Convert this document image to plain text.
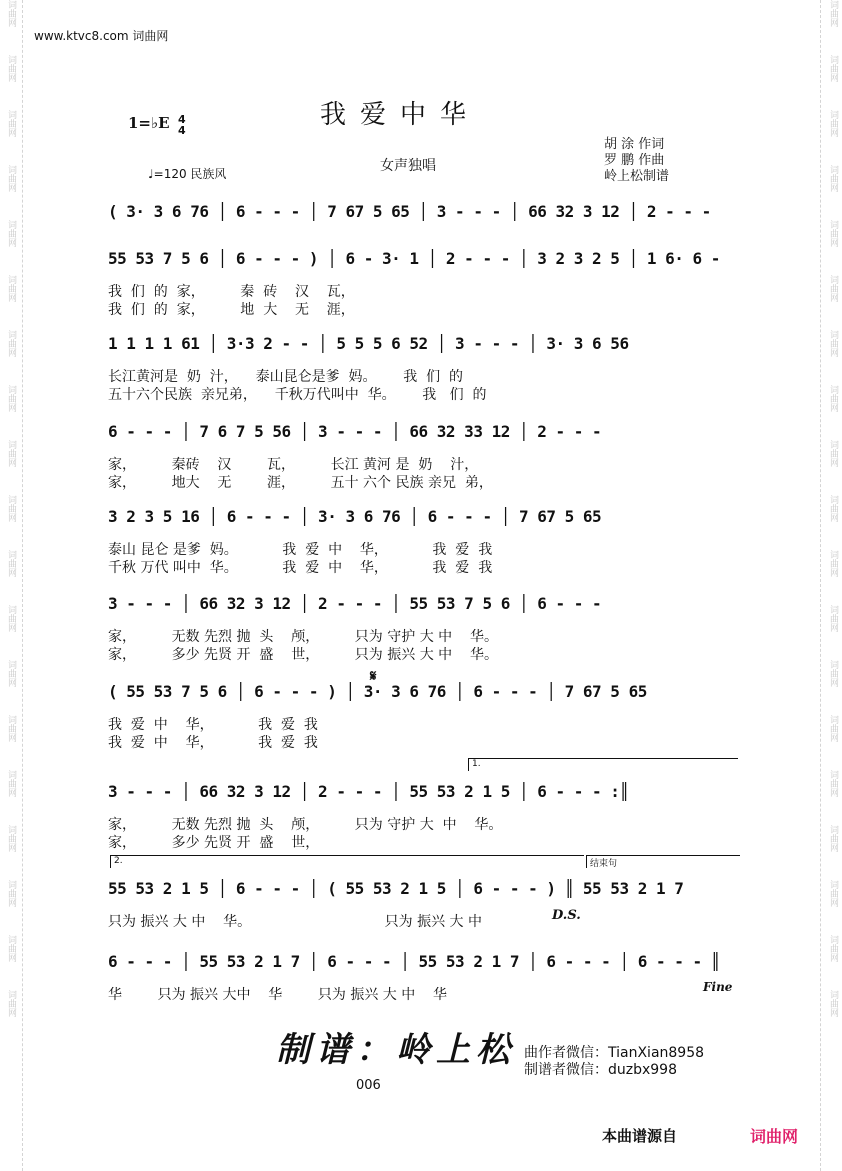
词
曲
网
词
曲
网
词
曲
网
词
曲
网
词
曲
网
词
曲
网
词
曲
网
词
曲
网
词
曲
网
词
曲
网
词
曲
网
词
曲
网
词
曲
网
词
曲
网
词
曲
网
词
曲
网
词
曲
网
词
曲
网
词
曲
网
词
曲
网
词
曲
网
词
曲
网
词
曲
网
词
曲
网
词
曲
网
词
曲
网
词
曲
网
词
曲
网
词
曲
网
词
曲
网
词
曲
网
词
曲
网
词
曲
网
词
曲
网
词
曲
网
词
曲
网
词
曲
网
词
曲
网
www.ktvc8.com 词曲网
我爱中华
1=♭E 4
4
♩=120 民族风	女声独唱
胡 涂 作词
罗 鹏 作曲
岭上松制谱
( 3· 3 6 76 │ 6 - - - │ 7 67 5 65 │ 3 - - - │ 66 32 3 12 │ 2 - - -
55 53 7 5 6 │ 6 - - - ) │ 6 - 3· 1 │ 2 - - - │ 3 2 3 2 5 │ 1 6· 6 -
我  们  的  家，        秦  砖    汉    瓦，
我  们  的  家，        地  大    无    涯，
1 1 1 1 61 │ 3·3 2 - - │ 5 5 5 6 52 │ 3 - - - │ 3· 3 6 56
长江黄河是  奶  汁，    泰山昆仑是爹  妈。      我  们  的
五十六个民族  亲兄弟，    千秋万代叫中  华。      我   们  的
6 - - - │ 7 6 7 5 56 │ 3 - - - │ 66 32 33 12 │ 2 - - -
家，        秦砖    汉        瓦，        长江 黄河 是  奶    汁，
家，        地大    无        涯，        五十 六个 民族 亲兄  弟，
3 2 3 5 16 │ 6 - - - │ 3· 3 6 76 │ 6 - - - │ 7 67 5 65
泰山 昆仑 是爹  妈。          我  爱  中    华，          我  爱  我
千秋 万代 叫中  华。          我  爱  中    华，          我  爱  我
3 - - - │ 66 32 3 12 │ 2 - - - │ 55 53 7 5 6 │ 6 - - -
家，        无数 先烈 抛  头    颅，        只为 守护 大 中    华。
家，        多少 先贤 开  盛    世，        只为 振兴 大 中    华。
( 55 53 7 5 6 │ 6 - - - ) │ 3· 3 6 76 │ 6 - - - │ 7 67 5 65
我  爱  中    华，          我  爱  我
我  爱  中    华，          我  爱  我
3 - - - │ 66 32 3 12 │ 2 - - - │ 55 53 2 1 5 │ 6 - - - :║
家，        无数 先烈 抛  头    颅，        只为 守护 大  中    华。
家，        多少 先贤 开  盛    世，
1.
55 53 2 1 5 │ 6 - - - │ ( 55 53 2 1 5 │ 6 - - - ) ║ 55 53 2 1 7
只为 振兴 大 中    华。                              只为 振兴 大 中
2.	结束句
6 - - - │ 55 53 2 1 7 │ 6 - - - │ 55 53 2 1 7 │ 6 - - - │ 6 - - - ║
华        只为 振兴 大中    华        只为 振兴 大 中    华
𝄋
D.S.
Fine
制谱：岭上松 曲作者微信：TianXian8958
制谱者微信：duzbx998
006
本曲谱源自	词曲网
